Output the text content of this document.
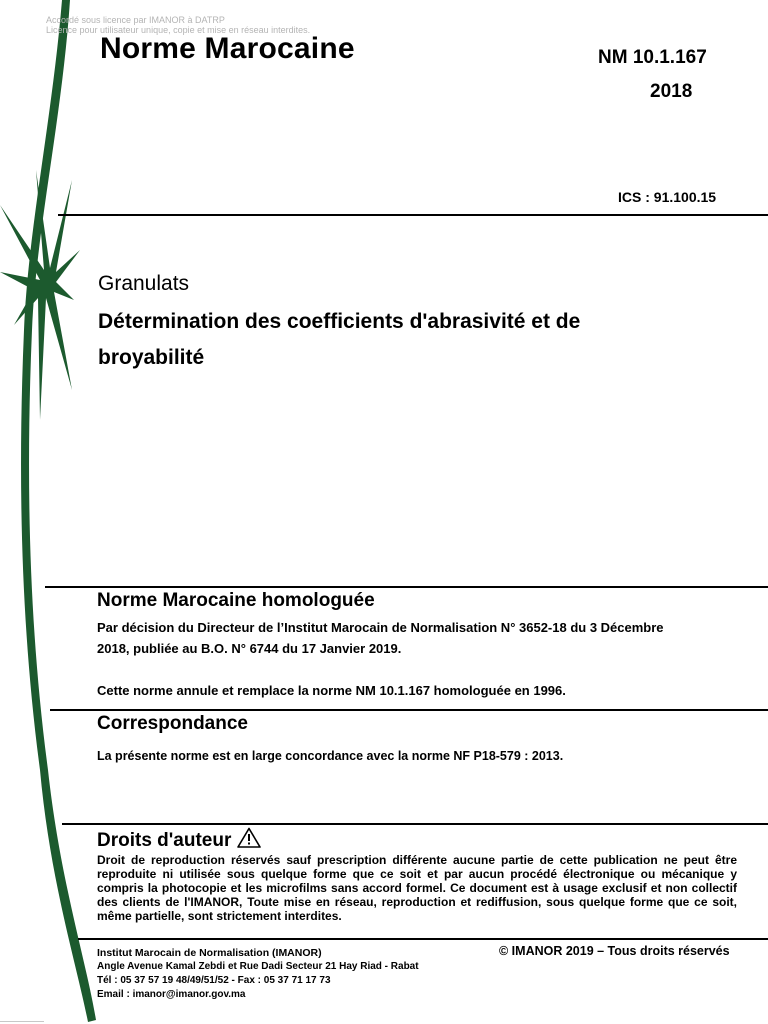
Accordé sous licence par IMANOR à DATRP
Licence pour utilisateur unique, copie et mise en réseau interdites.
Norme Marocaine	NM 10.1.167
2018
ICS : 91.100.15
Granulats
Détermination des coefficients d'abrasivité et de
broyabilité
Norme Marocaine homologuée
Par décision du Directeur de l’Institut Marocain de Normalisation N° 3652-18 du 3 Décembre
2018, publiée au B.O. N° 6744 du 17 Janvier 2019.
Cette norme annule et remplace la norme NM 10.1.167 homologuée en 1996.
Correspondance
La présente norme est en large concordance avec la norme NF P18-579 : 2013.
Droits d'auteur
Droit de reproduction réservés sauf prescription différente aucune partie de cette publication ne peut être reproduite ni utilisée sous quelque forme que ce soit et par aucun procédé électronique ou mécanique y compris la photocopie et les microfilms sans accord formel. Ce document est à usage exclusif et non collectif des clients de l'IMANOR, Toute mise en réseau, reproduction et rediffusion, sous quelque forme que ce soit, même partielle, sont strictement interdites.
Institut Marocain de Normalisation (IMANOR)
Angle Avenue Kamal Zebdi et Rue Dadi Secteur 21 Hay Riad - Rabat
Tél : 05 37 57 19 48/49/51/52 - Fax : 05 37 71 17 73
Email : imanor@imanor.gov.ma
© IMANOR 2019 – Tous droits réservés
